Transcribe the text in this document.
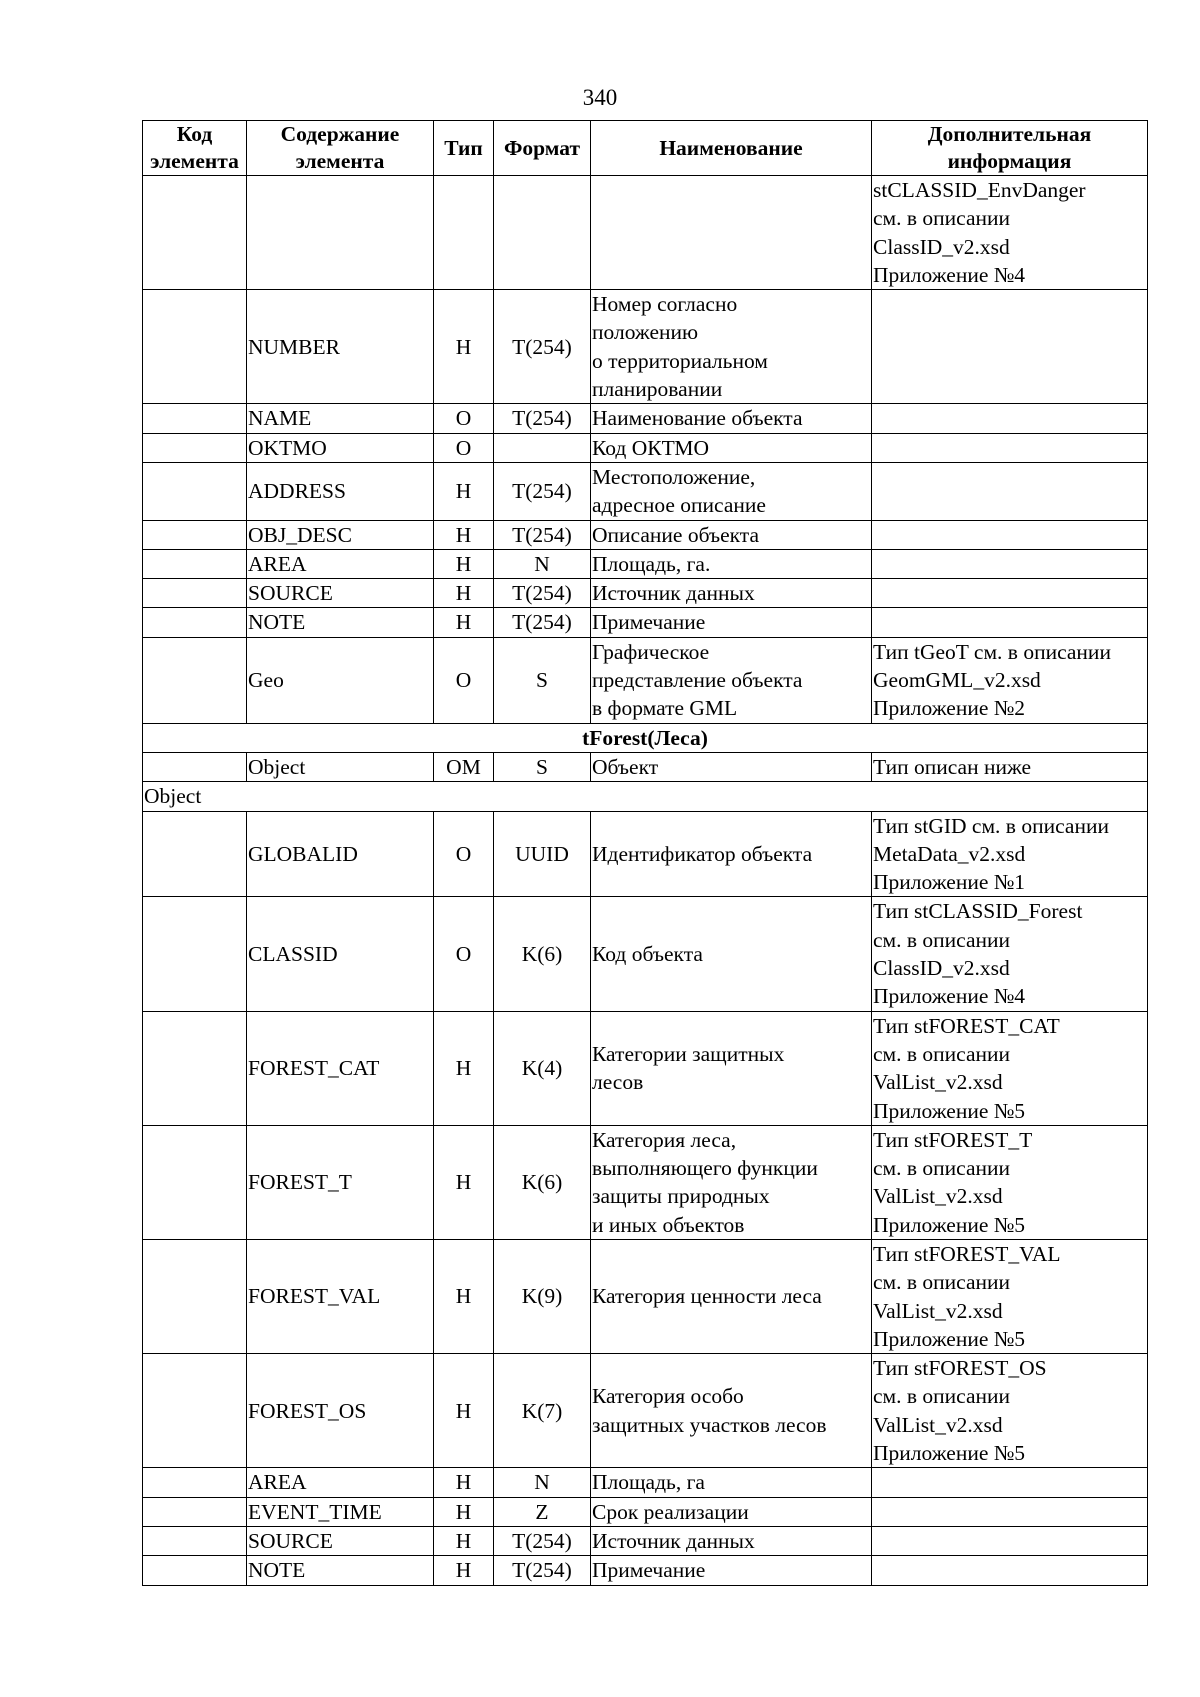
340
Код элемента	Содержание элемента	Тип	Формат	Наименование	Дополнительная информация
					stCLASSID_EnvDanger
см. в описании
ClassID_v2.xsd
Приложение №4
	NUMBER	Н	T(254)	Номер согласно
положению
о территориальном
планировании	
	NAME	О	T(254)	Наименование объекта	
	OKTMO	О		Код ОКТМО	
	ADDRESS	Н	T(254)	Местоположение,
адресное описание	
	OBJ_DESC	Н	T(254)	Описание объекта	
	AREA	Н	N	Площадь, га.	
	SOURCE	Н	T(254)	Источник данных	
	NOTE	Н	T(254)	Примечание	
	Geo	О	S	Графическое
представление объекта
в формате GML	Тип tGeoT см. в описании
GeomGML_v2.xsd
Приложение №2
tForest(Леса)					
	Object	ОМ	S	Объект	Тип описан ниже
Object					
	GLOBALID	О	UUID	Идентификатор объекта	Тип stGID см. в описании
MetaData_v2.xsd
Приложение №1
	CLASSID	О	K(6)	Код объекта	Тип stCLASSID_Forest
см. в описании
ClassID_v2.xsd
Приложение №4
	FOREST_CAT	Н	K(4)	Категории защитных
лесов	Тип stFOREST_CAT
см. в описании
ValList_v2.xsd
Приложение №5
	FOREST_T	Н	K(6)	Категория леса,
выполняющего функции
защиты природных
и иных объектов	Тип stFOREST_T
см. в описании
ValList_v2.xsd
Приложение №5
	FOREST_VAL	Н	K(9)	Категория ценности леса	Тип stFOREST_VAL
см. в описании
ValList_v2.xsd
Приложение №5
	FOREST_OS	Н	K(7)	Категория особо
защитных участков лесов	Тип stFOREST_OS
см. в описании
ValList_v2.xsd
Приложение №5
	AREA	Н	N	Площадь, га	
	EVENT_TIME	Н	Z	Срок реализации	
	SOURCE	Н	T(254)	Источник данных	
	NOTE	Н	T(254)	Примечание	
